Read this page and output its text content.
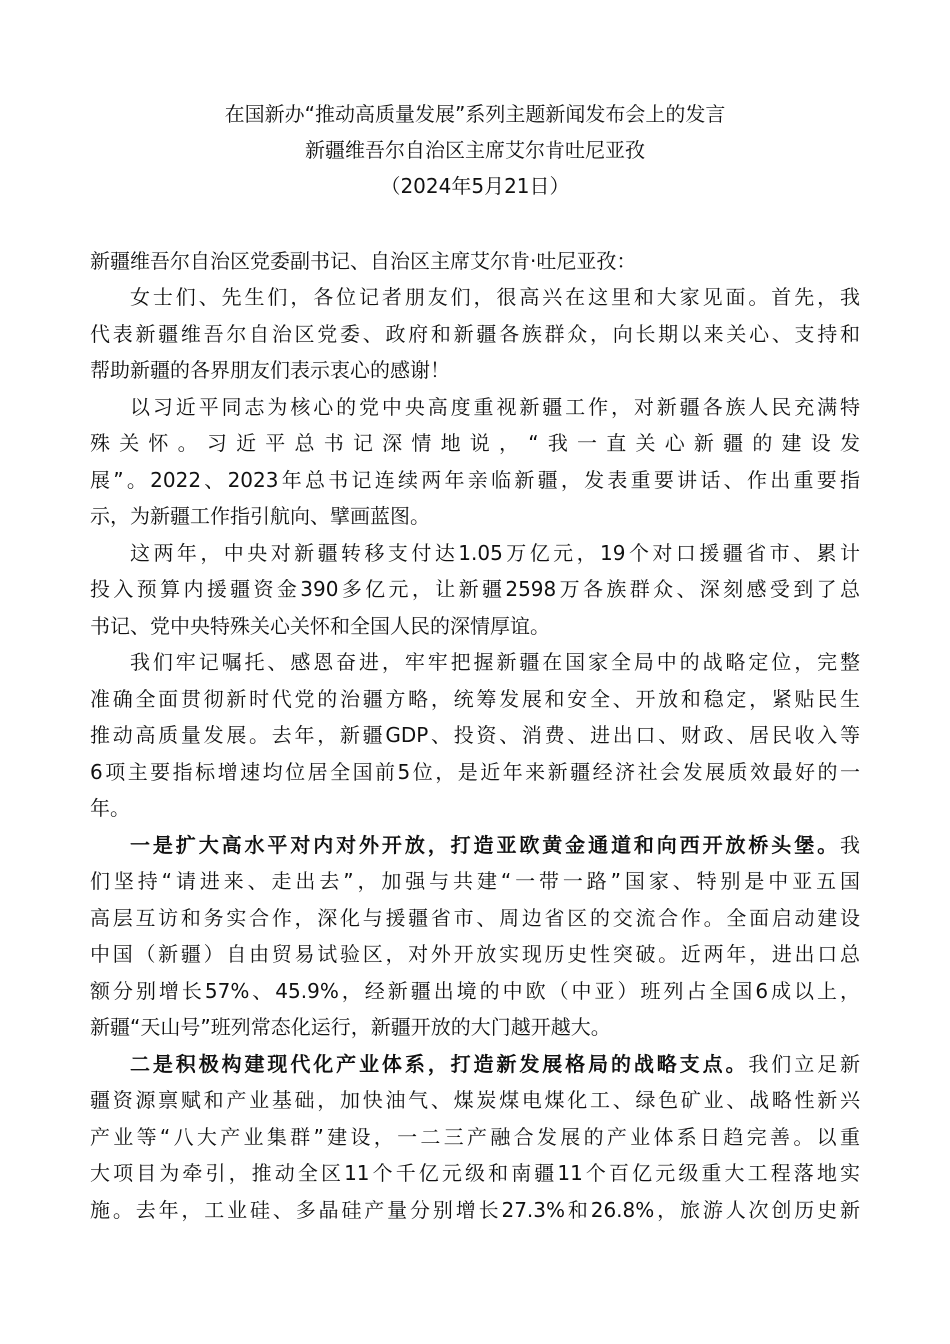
在国新办“推动高质量发展”系列主题新闻发布会上的发言
新疆维吾尔自治区主席艾尔肯吐尼亚孜
（2024年5月21日）
新疆维吾尔自治区党委副书记、自治区主席艾尔肯·吐尼亚孜：
女士们、先生们，各位记者朋友们，很高兴在这里和大家见面。首先，我
代表新疆维吾尔自治区党委、政府和新疆各族群众，向长期以来关心、支持和
帮助新疆的各界朋友们表示衷心的感谢！
以习近平同志为核心的党中央高度重视新疆工作，对新疆各族人民充满特
殊关怀。习近平总书记深情地说，“我一直关心新疆的建设发
展”。2022、2023年总书记连续两年亲临新疆，发表重要讲话、作出重要指
示，为新疆工作指引航向、擘画蓝图。
这两年，中央对新疆转移支付达1.05万亿元，19个对口援疆省市、累计
投入预算内援疆资金390多亿元，让新疆2598万各族群众、深刻感受到了总
书记、党中央特殊关心关怀和全国人民的深情厚谊。
我们牢记嘱托、感恩奋进，牢牢把握新疆在国家全局中的战略定位，完整
准确全面贯彻新时代党的治疆方略，统筹发展和安全、开放和稳定，紧贴民生
推动高质量发展。去年，新疆GDP、投资、消费、进出口、财政、居民收入等
6项主要指标增速均位居全国前5位，是近年来新疆经济社会发展质效最好的一
年。
一是扩大高水平对内对外开放，打造亚欧黄金通道和向西开放桥头堡。我
们坚持“请进来、走出去”，加强与共建“一带一路”国家、特别是中亚五国
高层互访和务实合作，深化与援疆省市、周边省区的交流合作。全面启动建设
中国（新疆）自由贸易试验区，对外开放实现历史性突破。近两年，进出口总
额分别增长57%、45.9%，经新疆出境的中欧（中亚）班列占全国6成以上，
新疆“天山号”班列常态化运行，新疆开放的大门越开越大。
二是积极构建现代化产业体系，打造新发展格局的战略支点。我们立足新
疆资源禀赋和产业基础，加快油气、煤炭煤电煤化工、绿色矿业、战略性新兴
产业等“八大产业集群”建设，一二三产融合发展的产业体系日趋完善。以重
大项目为牵引，推动全区11个千亿元级和南疆11个百亿元级重大工程落地实
施。去年，工业硅、多晶硅产量分别增长27.3%和26.8%，旅游人次创历史新
